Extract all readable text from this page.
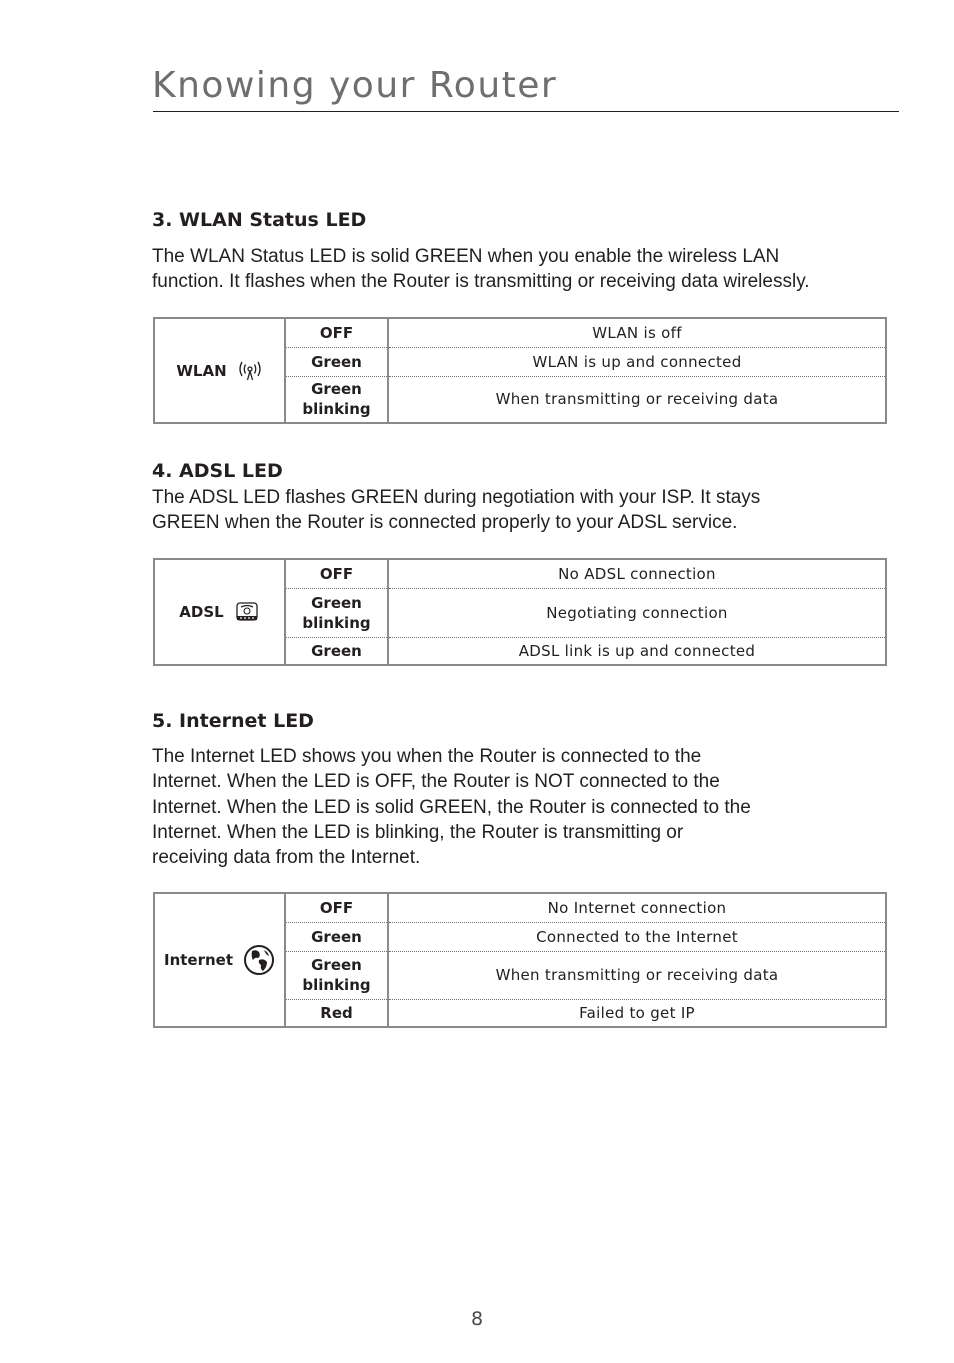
Knowing your Router
3. WLAN Status LED

The WLAN Status LED is solid GREEN when you enable the wireless LAN function. It flashes when the Router is transmitting or receiving data wirelessly.

WLAN	OFF	WLAN is off
	Green	WLAN is up and connected
	Green blinking	When transmitting or receiving data
4. ADSL LED

The ADSL LED flashes GREEN during negotiation with your ISP. It stays GREEN when the Router is connected properly to your ADSL service.

ADSL	OFF	No ADSL connection
	Green blinking	Negotiating connection
	Green	ADSL link is up and connected
5. Internet LED

The Internet LED shows you when the Router is connected to the Internet. When the LED is OFF, the Router is NOT connected to the Internet. When the LED is solid GREEN, the Router is connected to the Internet. When the LED is blinking, the Router is transmitting or receiving data from the Internet.

Internet	OFF	No Internet connection
	Green	Connected to the Internet
	Green blinking	When transmitting or receiving data
	Red	Failed to get IP
8
